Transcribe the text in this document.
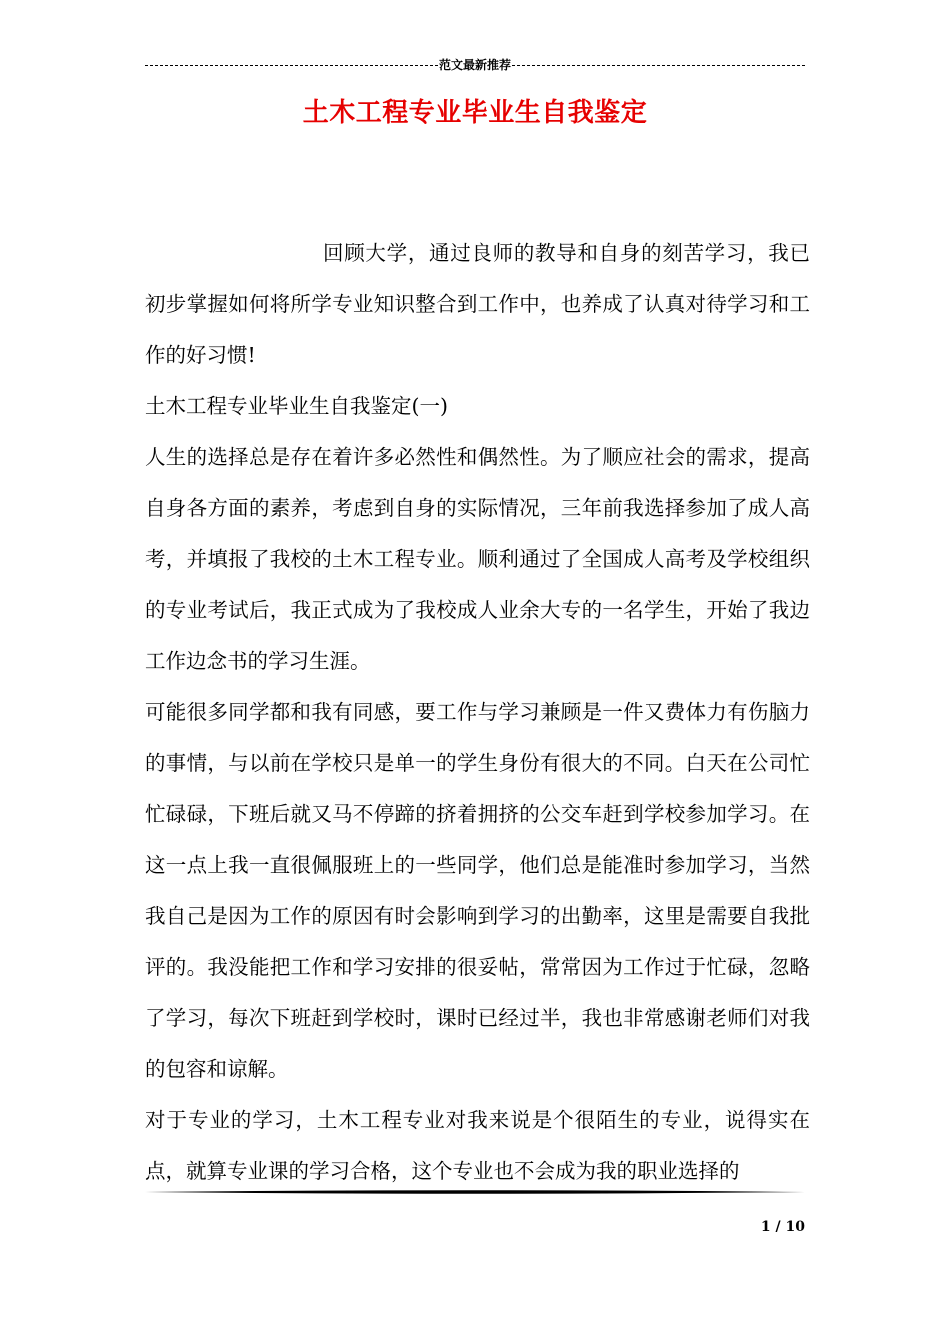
范文最新推荐
土木工程专业毕业生自我鉴定

回顾大学，通过良师的教导和自身的刻苦学习，我已初步掌握如何将所学专业知识整合到工作中，也养成了认真对待学习和工作的好习惯!

土木工程专业毕业生自我鉴定(一)

人生的选择总是存在着许多必然性和偶然性。为了顺应社会的需求，提高自身各方面的素养，考虑到自身的实际情况，三年前我选择参加了成人高考，并填报了我校的土木工程专业。顺利通过了全国成人高考及学校组织的专业考试后，我正式成为了我校成人业余大专的一名学生，开始了我边工作边念书的学习生涯。

可能很多同学都和我有同感，要工作与学习兼顾是一件又费体力有伤脑力的事情，与以前在学校只是单一的学生身份有很大的不同。白天在公司忙忙碌碌，下班后就又马不停蹄的挤着拥挤的公交车赶到学校参加学习。在这一点上我一直很佩服班上的一些同学，他们总是能准时参加学习，当然我自己是因为工作的原因有时会影响到学习的出勤率，这里是需要自我批评的。我没能把工作和学习安排的很妥帖，常常因为工作过于忙碌，忽略了学习，每次下班赶到学校时，课时已经过半，我也非常感谢老师们对我的包容和谅解。

对于专业的学习，土木工程专业对我来说是个很陌生的专业，说得实在点，就算专业课的学习合格，这个专业也不会成为我的职业选择的

1 / 10
